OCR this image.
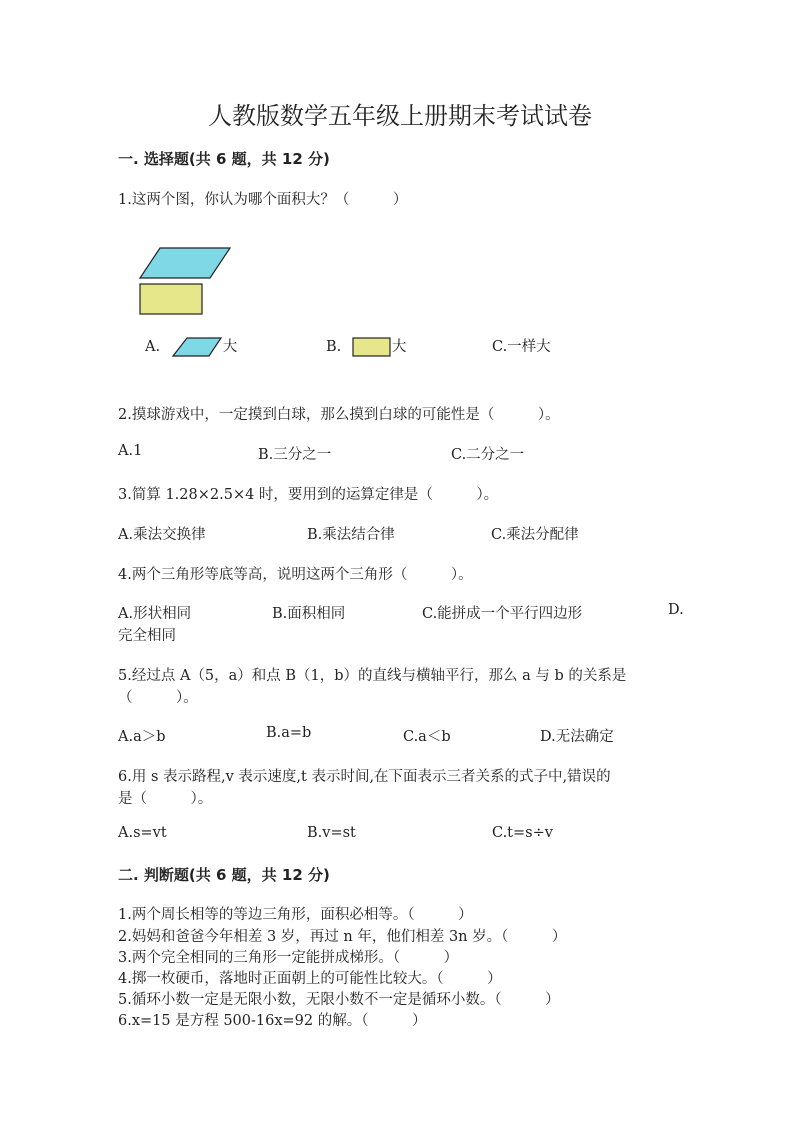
人教版数学五年级上册期末考试试卷
一. 选择题(共 6 题，共 12 分)
1.这两个图，你认为哪个面积大？（　　　）
A.	大	B.	大	C.一样大
2.摸球游戏中，一定摸到白球，那么摸到白球的可能性是（　　　）。
A.1	B.三分之一	C.二分之一
3.简算 1.28×2.5×4 时，要用到的运算定律是（　　　）。
A.乘法交换律	B.乘法结合律	C.乘法分配律
4.两个三角形等底等高，说明这两个三角形（　　　）。
A.形状相同	B.面积相同	C.能拼成一个平行四边形	D.
完全相同
5.经过点 A（5，a）和点 B（1，b）的直线与横轴平行，那么 a 与 b 的关系是
（　　　）。
A.a＞b	B.a=b	C.a＜b	D.无法确定
6.用 s 表示路程,v 表示速度,t 表示时间,在下面表示三者关系的式子中,错误的
是（　　　）。
A.s=vt	B.v=st	C.t=s÷v
二. 判断题(共 6 题，共 12 分)
1.两个周长相等的等边三角形，面积必相等。（　　　）
2.妈妈和爸爸今年相差 3 岁，再过 n 年，他们相差 3n 岁。（　　　）
3.两个完全相同的三角形一定能拼成梯形。（　　　）
4.掷一枚硬币，落地时正面朝上的可能性比较大。（　　　）
5.循环小数一定是无限小数，无限小数不一定是循环小数。（　　　）
6.x=15 是方程 500-16x=92 的解。（　　　）
